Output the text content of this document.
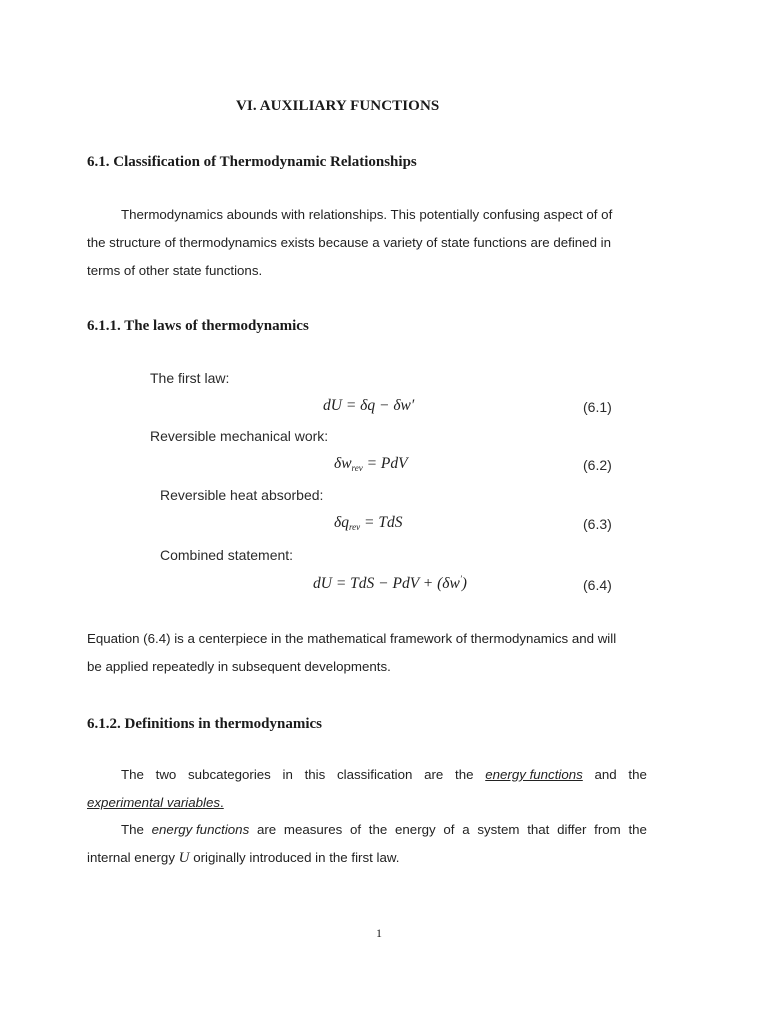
VI. AUXILIARY FUNCTIONS
6.1. Classification of Thermodynamic Relationships
Thermodynamics abounds with relationships. This potentially confusing aspect of of
the structure of thermodynamics exists because a variety of state functions are defined in
terms of other state functions.
6.1.1. The laws of thermodynamics
The first law:
dU = δq − δw′	(6.1)
Reversible mechanical work:
$\delta w_{rev}$ = PdV	(6.2)
Reversible heat absorbed:
$\delta q_{rev}$ = TdS	(6.3)
Combined statement:
dU = TdS − PdV + (δw′)	(6.4)
Equation (6.4) is a centerpiece in the mathematical framework of thermodynamics and will
be applied repeatedly in subsequent developments.
6.1.2. Definitions in thermodynamics
The two subcategories in this classification are the energy functions and the
experimental variables.
The energy functions are measures of the energy of a system that differ from the
internal energy U originally introduced in the first law.
1
